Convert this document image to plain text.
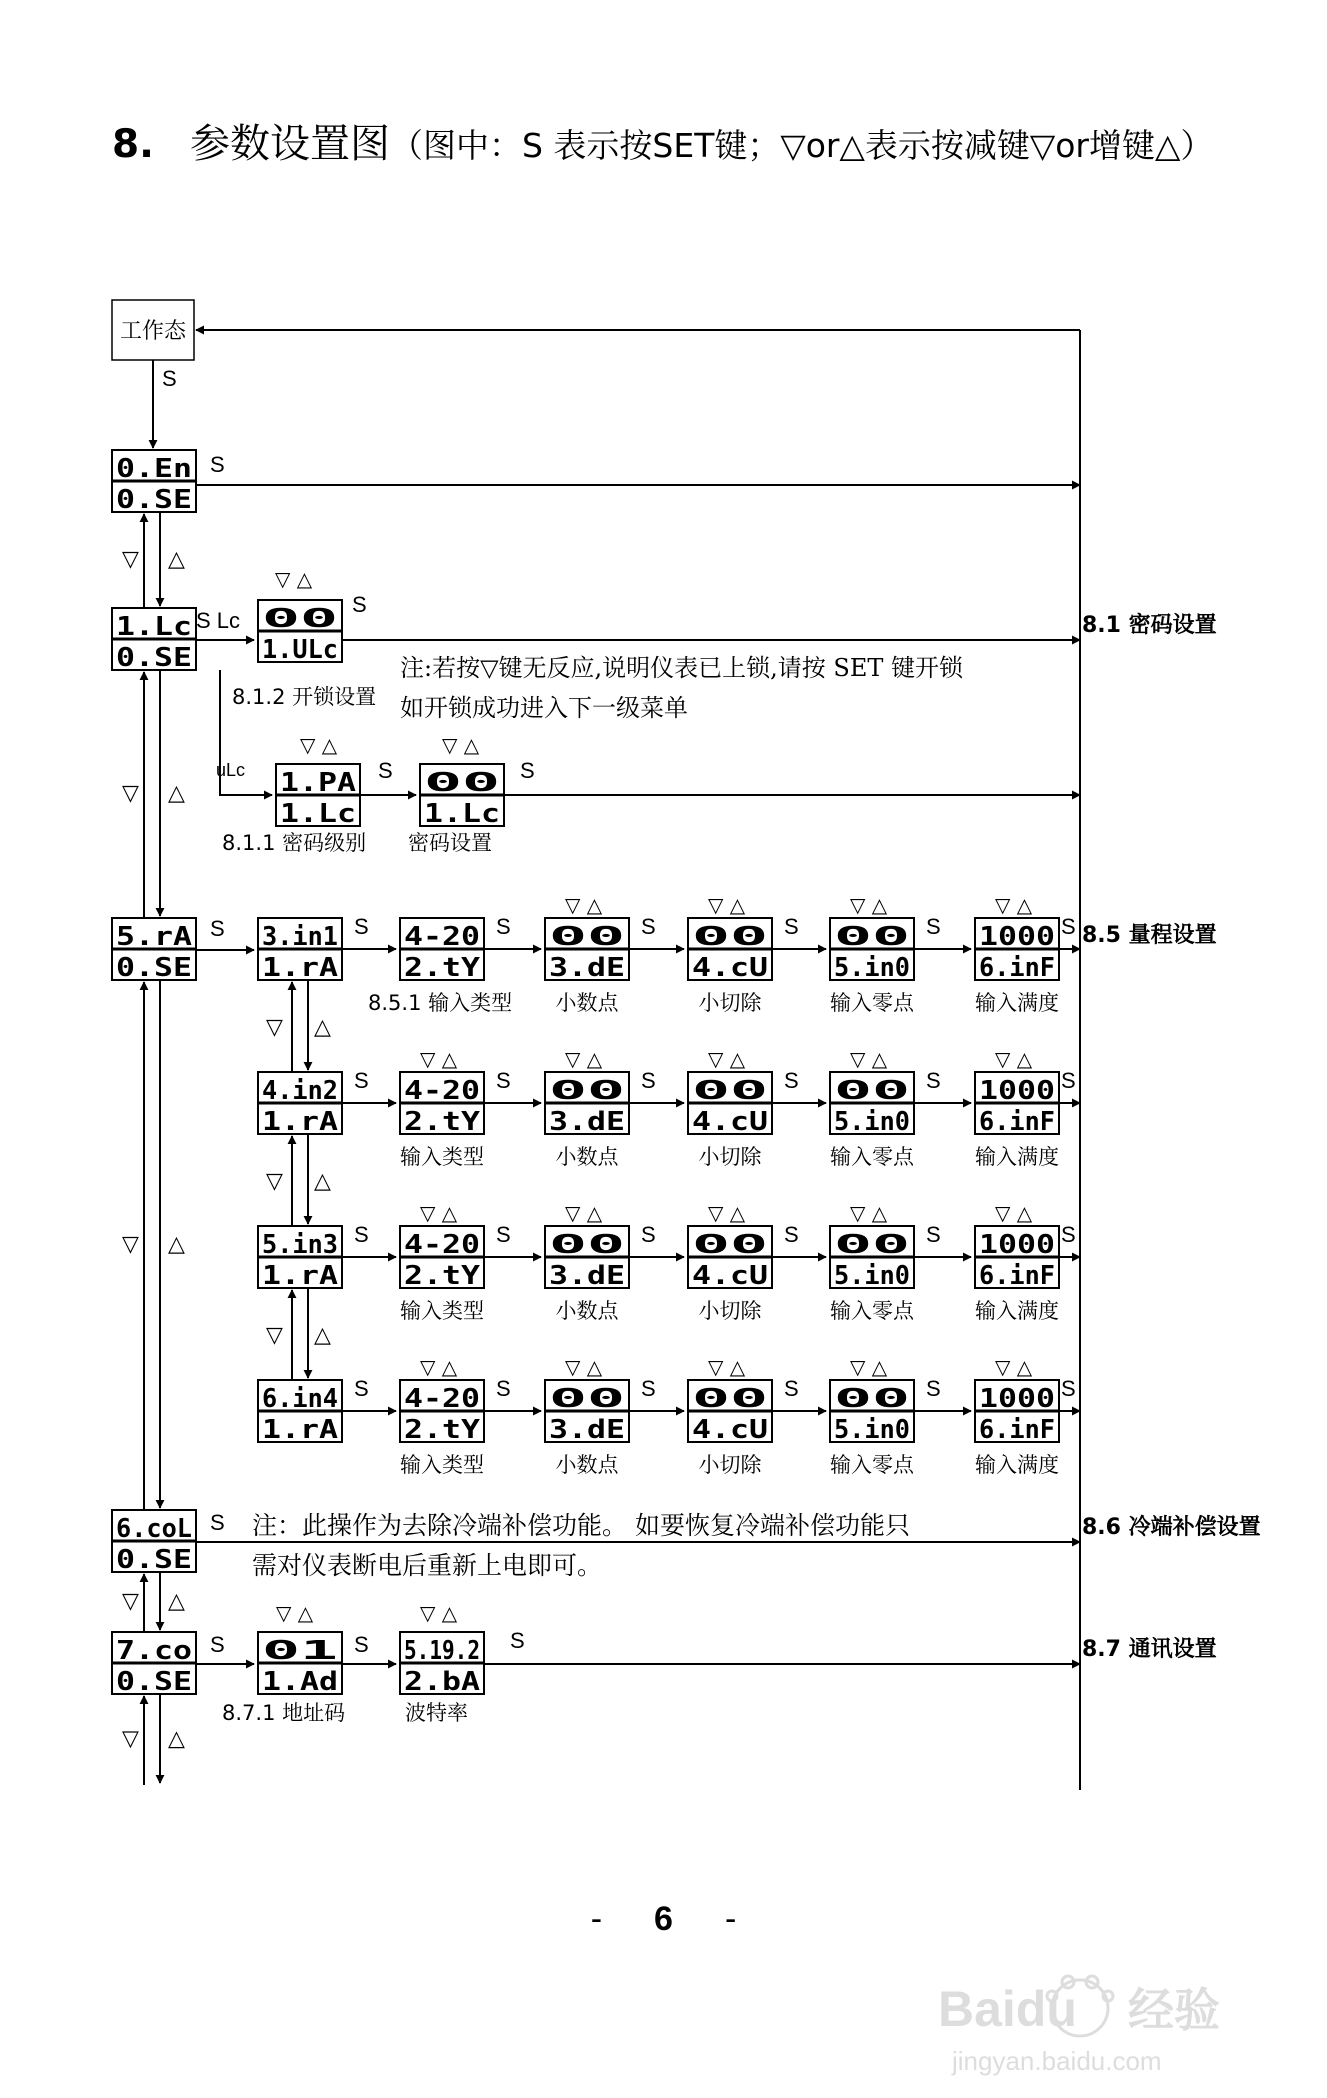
8. 参数设置图（图中：S 表示按SET键；▽or△表示按减键▽or增键△）
0.En
0.SE
1.Lc
0.SE
5.rA
0.SE
6.coL
0.SE
7.co
0.SE
00
1.ULc
1.PA
1.Lc
00
1.Lc
3.in1
1.rA
4-20
2.tY
00
3.dE
00
4.cU
00
5.in0
1000
6.inF
4.in2
1.rA
4-20
2.tY
00
3.dE
00
4.cU
00
5.in0
1000
6.inF
5.in3
1.rA
4-20
2.tY
00
3.dE
00
4.cU
00
5.in0
1000
6.inF
6.in4
1.rA
4-20
2.tY
00
3.dE
00
4.cU
00
5.in0
1000
6.inF
01
1.Ad
5.19.2
2.bA
工作态
S
▽ △
▽ △
▽ △
▽ △
▽ △
S
S Lc
▽ △
S
8.1 密码设置
注:若按▽键无反应,说明仪表已上锁,请按 SET 键开锁
如开锁成功进入下一级菜单
8.1.2 开锁设置
uLc
▽ △
S
▽ △
S
8.1.1 密码级别 密码设置
S	8.5 量程设置
S
8.5.1 输入类型
S
▽ △
小数点
S
▽ △
小切除
S
▽ △
输入零点
S
▽ △
输入满度
S
▽ △
S
▽ △
输入类型
S
▽ △
小数点
S
▽ △
小切除
S
▽ △
输入零点
S
▽ △
输入满度
S
▽ △
S
▽ △
输入类型
S
▽ △
小数点
S
▽ △
小切除
S
▽ △
输入零点
S
▽ △
输入满度
S
▽ △
S
▽ △
输入类型
S
▽ △
小数点
S
▽ △
小切除
S
▽ △
输入零点
S
▽ △
输入满度
S
S 注：此操作为去除冷端补偿功能。 如要恢复冷端补偿功能只
需对仪表断电后重新上电即可。
8.6 冷端补偿设置
S
▽ △
S
▽ △
S	8.7 通讯设置
8.7.1 地址码	波特率
- 6 -
Baidu 经验
jingyan.baidu.com
